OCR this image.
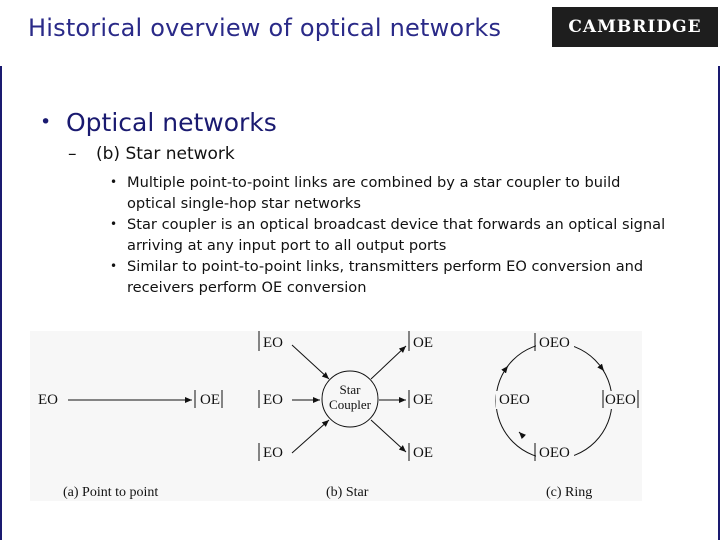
Historical overview of optical networks	CAMBRIDGE
• Optical networks
– (b) Star network
• Multiple point-to-point links are combined by a star coupler to build optical single-hop star networks
• Star coupler is an optical broadcast device that forwards an optical signal arriving at any input port to all output ports
• Similar to point-to-point links, transmitters perform EO conversion and receivers perform OE conversion
EO	OE
(a) Point to point
EO
EO
EO
Star
Coupler
OE
OE
OE
(b) Star
OEO
OEO	OEO
OEO
(c) Ring
